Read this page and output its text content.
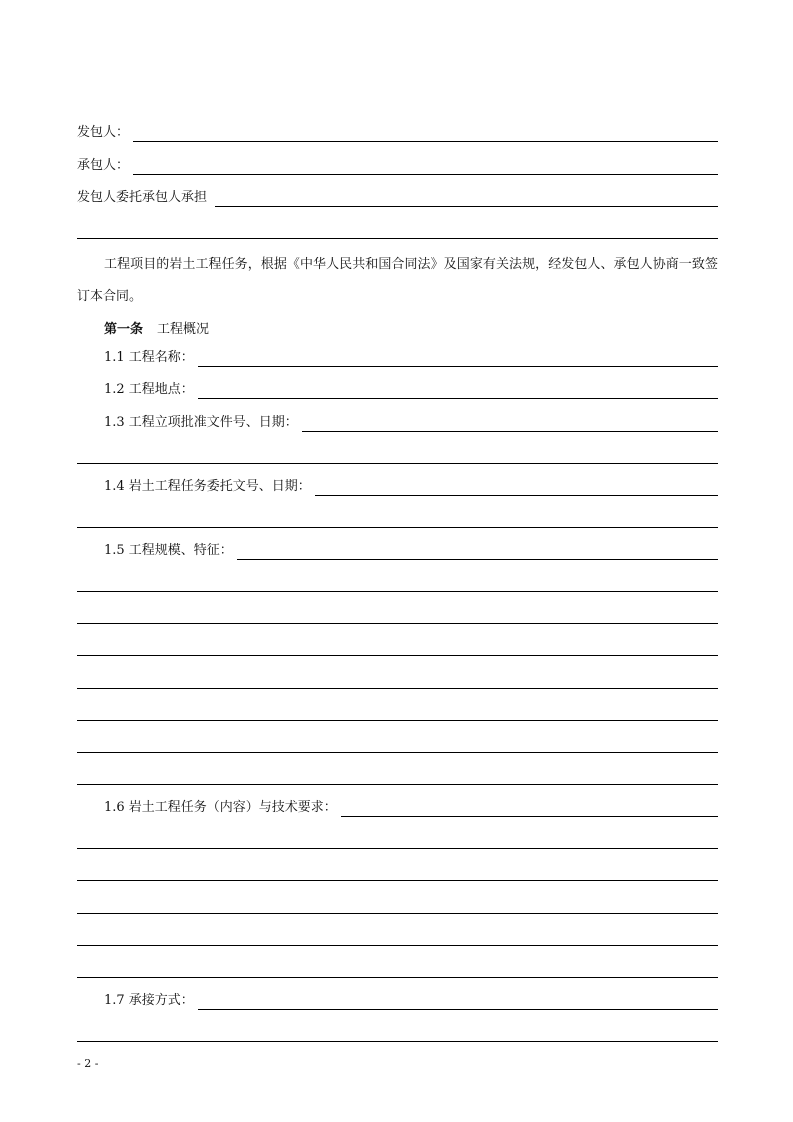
发包人：
承包人：
发包人委托承包人承担
工程项目的岩土工程任务，根据《中华人民共和国合同法》及国家有关法规，经发包人、承包人协商一致签订本合同。
第一条 工程概况
1.1 工程名称：
1.2 工程地点：
1.3 工程立项批准文件号、日期：
1.4 岩土工程任务委托文号、日期：
1.5 工程规模、特征：
1.6 岩土工程任务（内容）与技术要求：
1.7 承接方式：
- 2 -
